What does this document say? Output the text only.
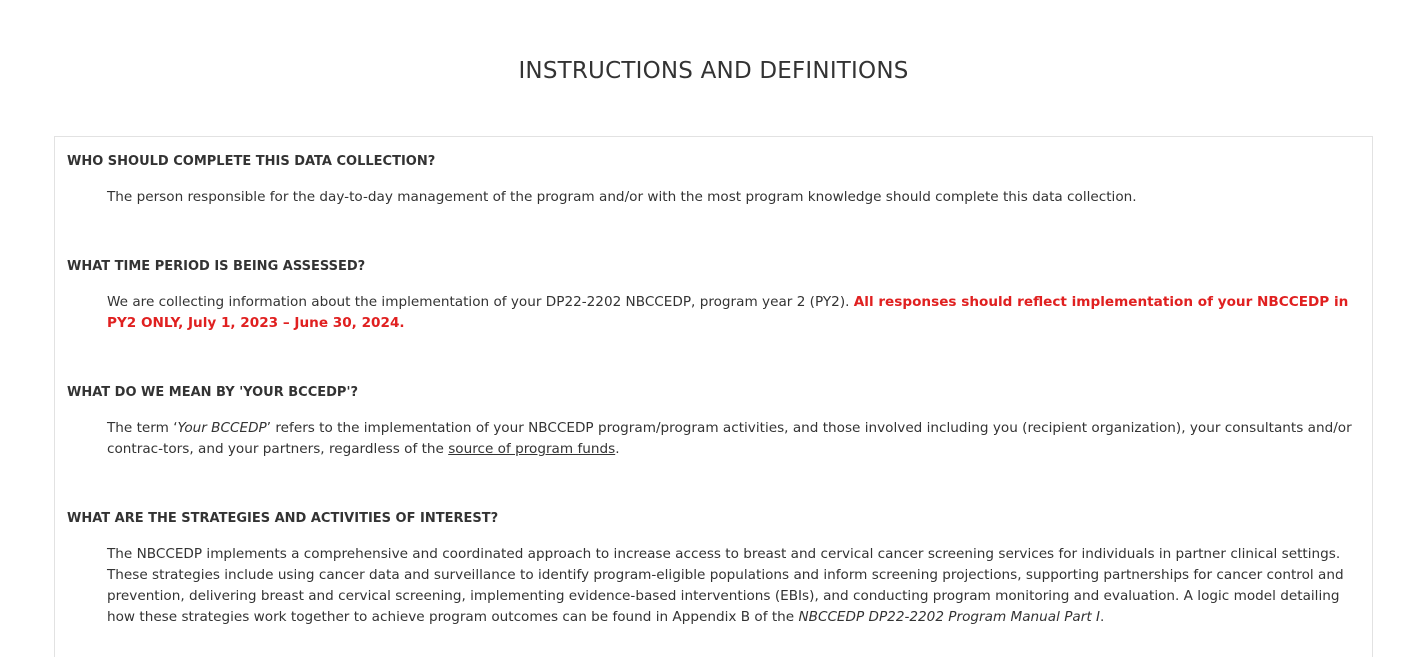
INSTRUCTIONS AND DEFINITIONS
WHO SHOULD COMPLETE THIS DATA COLLECTION?

The person responsible for the day-to-day management of the program and/or with the most program knowledge should complete this data collection.

WHAT TIME PERIOD IS BEING ASSESSED?

We are collecting information about the implementation of your DP22-2202 NBCCEDP, program year 2 (PY2). All responses should reflect implementation of your NBCCEDP in PY2 ONLY, July 1, 2023 – June 30, 2024.

WHAT DO WE MEAN BY 'YOUR BCCEDP'?

The term ‘Your BCCEDP’ refers to the implementation of your NBCCEDP program/program activities, and those involved including you (recipient organization), your consultants and/or contrac-tors, and your partners, regardless of the source of program funds.

WHAT ARE THE STRATEGIES AND ACTIVITIES OF INTEREST?

The NBCCEDP implements a comprehensive and coordinated approach to increase access to breast and cervical cancer screening services for individuals in partner clinical settings. These strategies include using cancer data and surveillance to identify program-eligible populations and inform screening projections, supporting partnerships for cancer control and prevention, delivering breast and cervical screening, implementing evidence-based interventions (EBIs), and conducting program monitoring and evaluation. A logic model detailing how these strategies work together to achieve program outcomes can be found in Appendix B of the NBCCEDP DP22-2202 Program Manual Part I.
